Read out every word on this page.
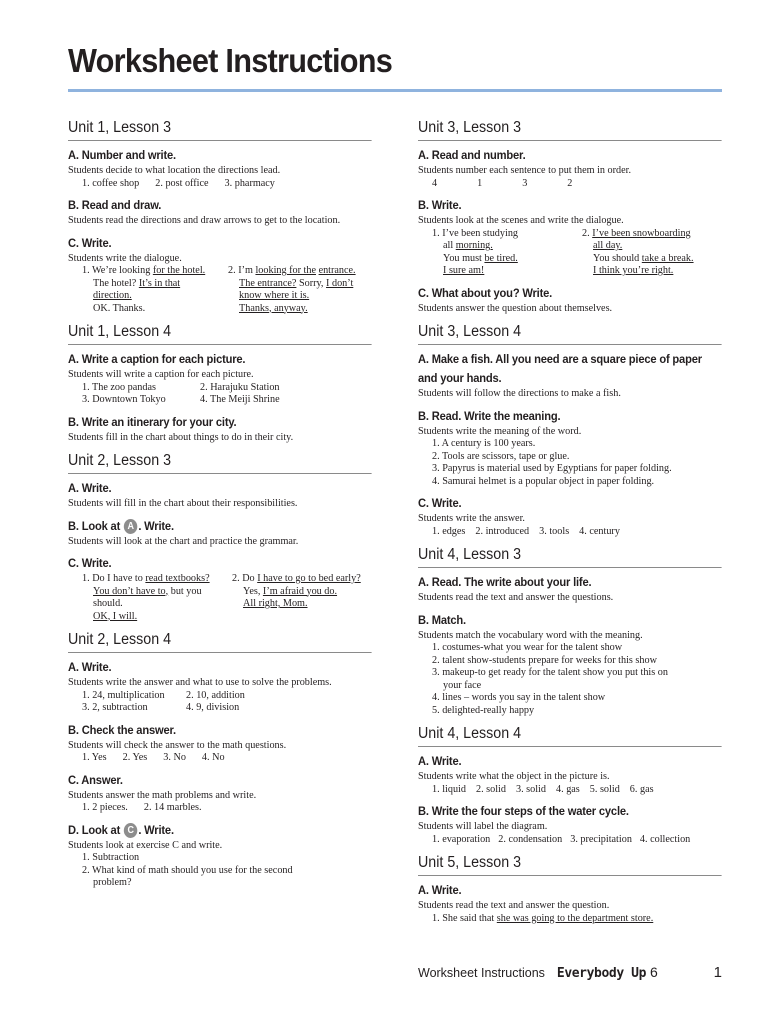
Worksheet Instructions
Unit 1, Lesson 3
A. Number and write.
Students decide to what location the directions lead.
1. coffee shop 2. post office 3. pharmacy
B. Read and draw.
Students read the directions and draw arrows to get to the location.
C. Write.
Students write the dialogue.
1. We’re looking for the hotel.
The hotel? It’s in that
direction.
OK. Thanks.
2. I’m looking for the entrance.
The entrance? Sorry, I don’t
know where it is.
Thanks, anyway.
Unit 1, Lesson 4
A. Write a caption for each picture.
Students will write a caption for each picture.
1. The zoo pandas	2. Harajuku Station
3. Downtown Tokyo	4. The Meiji Shrine
B. Write an itinerary for your city.
Students fill in the chart about things to do in their city.
Unit 2, Lesson 3
A. Write.
Students will fill in the chart about their responsibilities.
B. Look at A . Write.
Students will look at the chart and practice the grammar.
C. Write.
1. Do I have to read textbooks?
You don’t have to, but you
should.
OK, I will.
2. Do I have to go to bed early?
Yes, I’m afraid you do.
All right, Mom.
Unit 2, Lesson 4
A. Write.
Students write the answer and what to use to solve the problems.
1. 24, multiplication	2. 10, addition
3. 2, subtraction	4. 9, division
B. Check the answer.
Students will check the answer to the math questions.
1. Yes 2. Yes 3. No 4. No
C. Answer.
Students answer the math problems and write.
1. 2 pieces. 2. 14 marbles.
D. Look at C . Write.
Students look at exercise C and write.
1. Subtraction
2. What kind of math should you use for the second
problem?
Unit 3, Lesson 3
A. Read and number.
Students number each sentence to put them in order.
4	1	3	2
B. Write.
Students look at the scenes and write the dialogue.
1. I’ve been studying
all morning.
You must be tired.
I sure am!
2. I’ve been snowboarding
all day.
You should take a break.
I think you’re right.
C. What about you? Write.
Students answer the question about themselves.
Unit 3, Lesson 4
A. Make a fish. All you need are a square piece of paper and your hands.
Students will follow the directions to make a fish.
B. Read. Write the meaning.
Students write the meaning of the word.
1. A century is 100 years.
2. Tools are scissors, tape or glue.
3. Papyrus is material used by Egyptians for paper folding.
4. Samurai helmet is a popular object in paper folding.
C. Write.
Students write the answer.
1. edges 2. introduced 3. tools 4. century
Unit 4, Lesson 3
A. Read. The write about your life.
Students read the text and answer the questions.
B. Match.
Students match the vocabulary word with the meaning.
1. costumes-what you wear for the talent show
2. talent show-students prepare for weeks for this show
3. makeup-to get ready for the talent show you put this on
your face
4. lines – words you say in the talent show
5. delighted-really happy
Unit 4, Lesson 4
A. Write.
Students write what the object in the picture is.
1. liquid 2. solid 3. solid 4. gas 5. solid 6. gas
B. Write the four steps of the water cycle.
Students will label the diagram.
1. evaporation 2. condensation 3. precipitation 4. collection
Unit 5, Lesson 3
A. Write.
Students read the text and answer the question.
1. She said that she was going to the department store.
Worksheet Instructions Everybody Up 6	1
